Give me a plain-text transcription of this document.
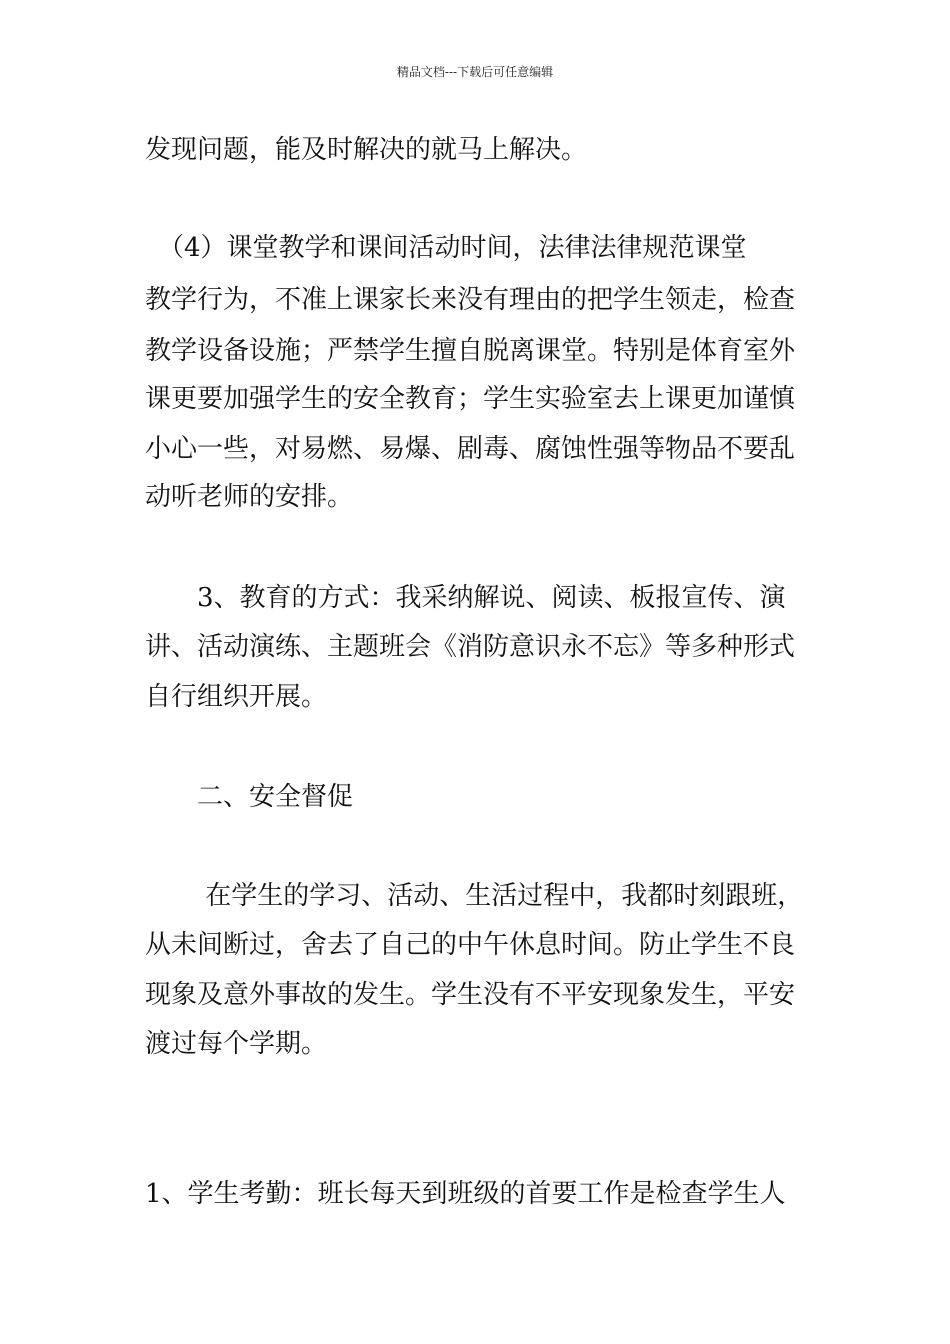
精品文档---下载后可任意编辑
发现问题，能及时解决的就马上解决。
　（4）课堂教学和课间活动时间，法律法律规范课堂
教学行为，不准上课家长来没有理由的把学生领走，检查
教学设备设施；严禁学生擅自脱离课堂。特别是体育室外
课更要加强学生的安全教育；学生实验室去上课更加谨慎
小心一些，对易燃、易爆、剧毒、腐蚀性强等物品不要乱
动听老师的安排。
　　3、教育的方式：我采纳解说、阅读、板报宣传、演
讲、活动演练、主题班会《消防意识永不忘》等多种形式
自行组织开展。
　　二、安全督促
　　 在学生的学习、活动、生活过程中，我都时刻跟班，
从未间断过，舍去了自己的中午休息时间。防止学生不良
现象及意外事故的发生。学生没有不平安现象发生，平安
渡过每个学期。
1、学生考勤：班长每天到班级的首要工作是检查学生人
